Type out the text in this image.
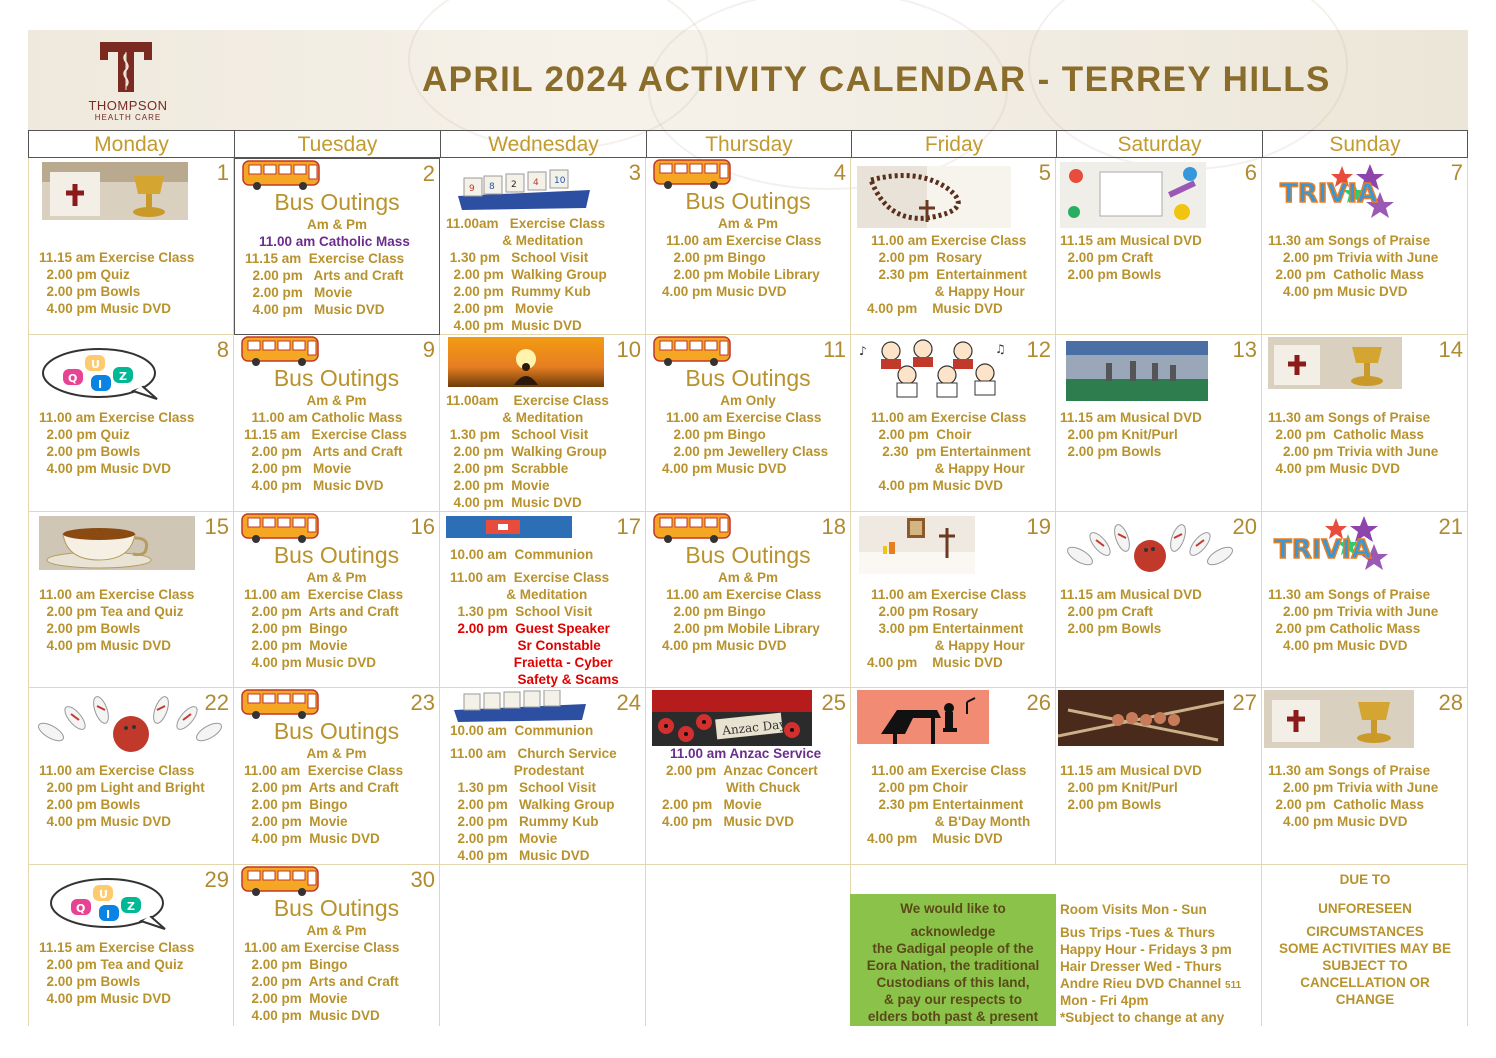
THOMPSON
HEALTH CARE
APRIL 2024 ACTIVITY CALENDAR - TERREY HILLS
Monday	Tuesday	Wednesday	Thursday	Friday	Saturday	Sunday
1
11.15 am Exercise Class
2.00 pm Quiz
2.00 pm Bowls
4.00 pm Music DVD
2
Bus Outings
Am & Pm
11.00 am Catholic Mass
11.15 am  Exercise Class
2.00 pm   Arts and Craft
2.00 pm   Movie
4.00 pm   Music DVD
9 8 2 4 10	3
11.00am   Exercise Class
& Meditation
1.30 pm   School Visit
2.00 pm  Walking Group
2.00 pm  Rummy Kub
2.00 pm   Movie
4.00 pm  Music DVD
4
Bus Outings
Am & Pm
11.00 am Exercise Class
2.00 pm Bingo
2.00 pm Mobile Library
4.00 pm Music DVD
5
11.00 am Exercise Class
2.00 pm  Rosary
2.30 pm  Entertainment
& Happy Hour
4.00 pm    Music DVD
6
11.15 am Musical DVD
2.00 pm Craft
2.00 pm Bowls
TRIVIA
7
11.30 am Songs of Praise
2.00 pm Trivia with June
2.00 pm  Catholic Mass
4.00 pm Music DVD
Q
U
I
Z
8
11.00 am Exercise Class
2.00 pm Quiz
2.00 pm Bowls
4.00 pm Music DVD
9
Bus Outings
Am & Pm
11.00 am Catholic Mass
11.15 am   Exercise Class
2.00 pm   Arts and Craft
2.00 pm   Movie
4.00 pm   Music DVD
10
11.00am    Exercise Class
& Meditation
1.30 pm   School Visit
2.00 pm  Walking Group
2.00 pm  Scrabble
2.00 pm  Movie
4.00 pm  Music DVD
11
Bus Outings
Am Only
11.00 am Exercise Class
2.00 pm Bingo
2.00 pm Jewellery Class
4.00 pm Music DVD
♪	♫ 12
11.00 am Exercise Class
2.00 pm  Choir
2.30  pm Entertainment
& Happy Hour
4.00 pm Music DVD
13
11.15 am Musical DVD
2.00 pm Knit/Purl
2.00 pm Bowls
14
11.30 am Songs of Praise
2.00 pm  Catholic Mass
2.00 pm Trivia with June
4.00 pm Music DVD
15
11.00 am Exercise Class
2.00 pm Tea and Quiz
2.00 pm Bowls
4.00 pm Music DVD
16
Bus Outings
Am & Pm
11.00 am  Exercise Class
2.00 pm  Arts and Craft
2.00 pm  Bingo
2.00 pm  Movie
4.00 pm Music DVD
17
10.00 am  Communion
11.00 am  Exercise Class
& Meditation
1.30 pm  School Visit
2.00 pm  Guest Speaker
Sr Constable
Fraietta - Cyber
Safety & Scams
18
Bus Outings
Am & Pm
11.00 am Exercise Class
2.00 pm Bingo
2.00 pm Mobile Library
4.00 pm Music DVD
19
11.00 am Exercise Class
2.00 pm Rosary
3.00 pm Entertainment
& Happy Hour
4.00 pm    Music DVD
20
11.15 am Musical DVD
2.00 pm Craft
2.00 pm Bowls
TRIVIA
21
11.30 am Songs of Praise
2.00 pm Trivia with June
2.00 pm Catholic Mass
4.00 pm Music DVD
22
11.00 am Exercise Class
2.00 pm Light and Bright
2.00 pm Bowls
4.00 pm Music DVD
23
Bus Outings
Am & Pm
11.00 am  Exercise Class
2.00 pm  Arts and Craft
2.00 pm  Bingo
2.00 pm  Movie
4.00 pm  Music DVD
24
10.00 am  Communion
11.00 am   Church Service
Prodestant
1.30 pm   School Visit
2.00 pm   Walking Group
2.00 pm   Rummy Kub
2.00 pm   Movie
4.00 pm   Music DVD
Anzac Day
25
11.00 am Anzac Service
2.00 pm  Anzac Concert
With Chuck
2.00 pm   Movie
4.00 pm   Music DVD
26
11.00 am Exercise Class
2.00 pm Choir
2.30 pm Entertainment
& B'Day Month
4.00 pm    Music DVD
27
11.15 am Musical DVD
2.00 pm Knit/Purl
2.00 pm Bowls
28
11.30 am Songs of Praise
2.00 pm Trivia with June
2.00 pm  Catholic Mass
4.00 pm Music DVD
Q
U
I
Z
29
11.15 am Exercise Class
2.00 pm Tea and Quiz
2.00 pm Bowls
4.00 pm Music DVD
30
Bus Outings
Am & Pm
11.00 am Exercise Class
2.00 pm  Bingo
2.00 pm  Arts and Craft
2.00 pm  Movie
4.00 pm  Music DVD
We would like to
acknowledge
the Gadigal people of the
Eora Nation, the traditional
Custodians of this land,
& pay our respects to
elders both past & present
Room Visits Mon - Sun
Bus Trips -Tues & Thurs
Happy Hour - Fridays 3 pm
Hair Dresser Wed - Thurs
Andre Rieu DVD Channel 511
Mon - Fri 4pm
*Subject to change at any
DUE TO
UNFORESEEN
CIRCUMSTANCES
SOME ACTIVITIES MAY BE
SUBJECT TO
CANCELLATION OR
CHANGE
